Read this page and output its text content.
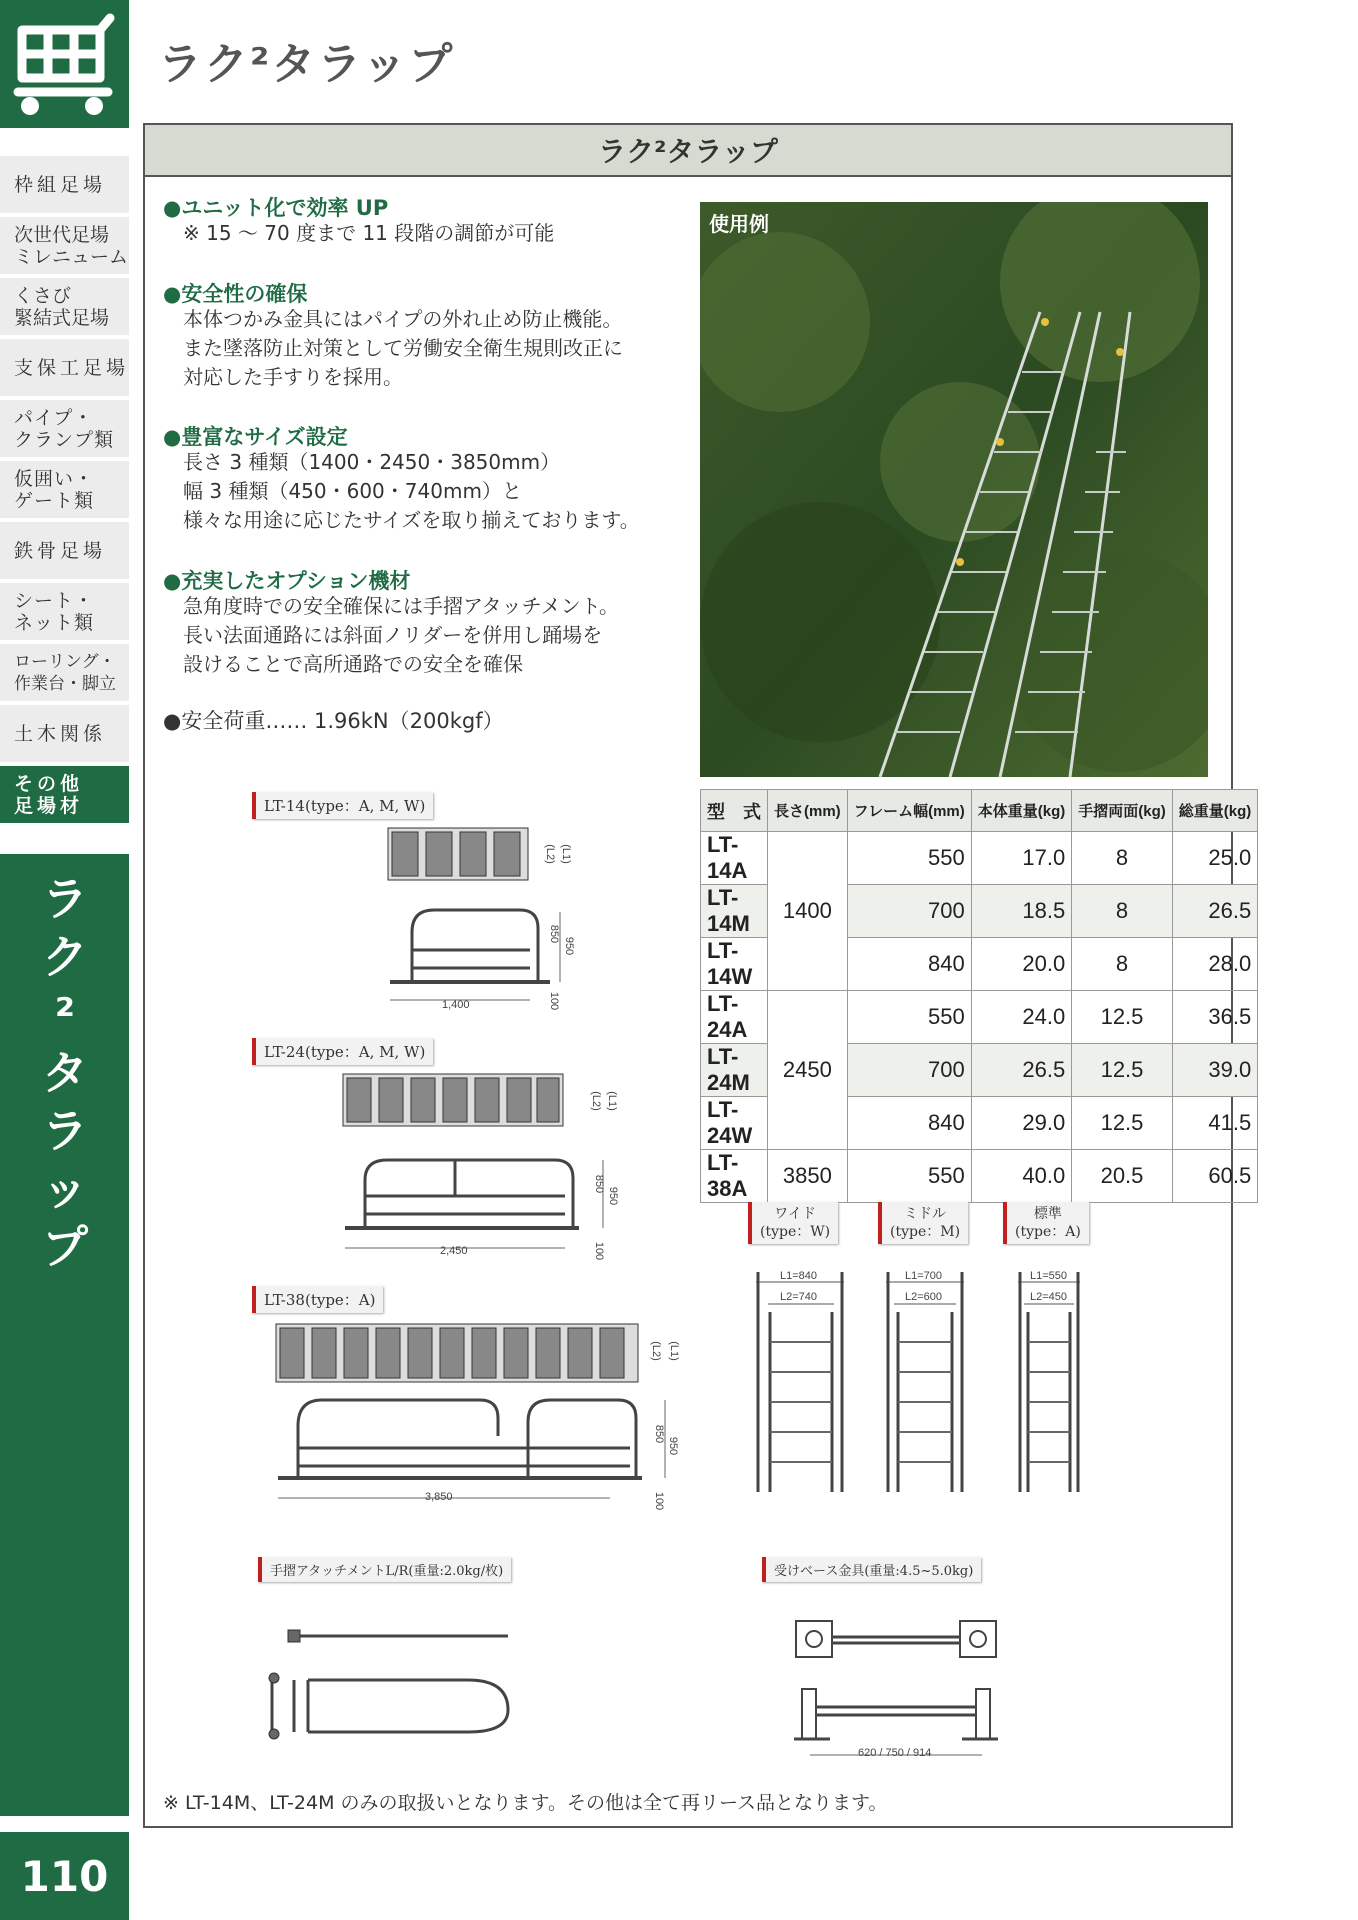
枠組足場
次世代足場
ミレニューム
くさび
緊結式足場
支保工足場
パイプ・
クランプ類
仮囲い・
ゲート類
鉄骨足場
シート・
ネット類
ローリング・
作業台・脚立
土木関係
その他
足場材
ラク²タラップ
110
ラク²タラップ
ラク²タラップ
●ユニット化で効率 UP
※ 15 〜 70 度まで 11 段階の調節が可能
●安全性の確保
本体つかみ金具にはパイプの外れ止め防止機能。
また墜落防止対策として労働安全衛生規則改正に
対応した手すりを採用。
●豊富なサイズ設定
長さ 3 種類（1400・2450・3850mm）
幅 3 種類（450・600・740mm）と
様々な用途に応じたサイズを取り揃えております。
●充実したオプション機材
急角度時での安全確保には手摺アタッチメント。
長い法面通路には斜面ノリダーを併用し踊場を
設けることで高所通路での安全を確保
●安全荷重…… 1.96kN（200kgf）
使用例
型　式	長さ(mm)	フレーム幅(mm)	本体重量(kg)	手摺両面(kg)	総重量(kg)
LT-14A	1400	550	17.0	8	25.0
LT-14M		700	18.5	8	26.5
LT-14W		840	20.0	8	28.0
LT-24A	2450	550	24.0	12.5	36.5
LT-24M		700	26.5	12.5	39.0
LT-24W		840	29.0	12.5	41.5
LT-38A	3850	550	40.0	20.5	60.5
LT-14(type：A, M, W)
1,400
850
950
100
(L2) (L1)
LT-24(type：A, M, W)
2,450
850
950
100
(L2) (L1)
LT-38(type：A)
3,850
850
950
100
(L2) (L1)
ワイド
(type：W)
ミドル
(type：M)
標準
(type：A)
L1=840
L2=740
L1=700
L2=600
L1=550
L2=450
手摺アタッチメントL/R(重量:2.0kg/枚)	受けベース金具(重量:4.5~5.0kg)
620 / 750 / 914
※ LT-14M、LT-24M のみの取扱いとなります。その他は全て再リース品となります。
